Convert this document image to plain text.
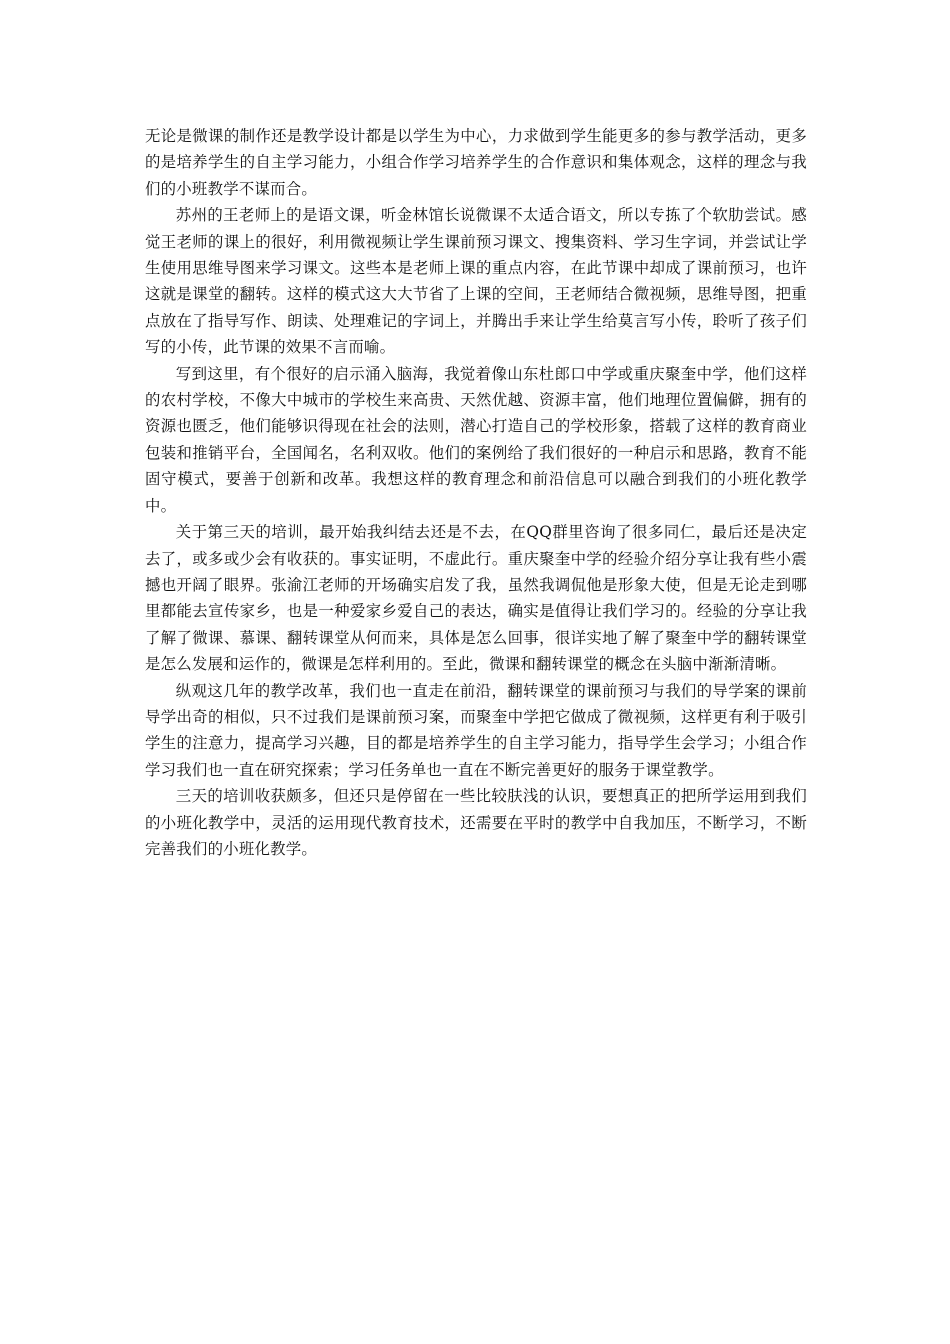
无论是微课的制作还是教学设计都是以学生为中心，力求做到学生能更多的参与教学活动，更多的是培养学生的自主学习能力，小组合作学习培养学生的合作意识和集体观念，这样的理念与我们的小班教学不谋而合。

苏州的王老师上的是语文课，听金林馆长说微课不太适合语文，所以专拣了个软肋尝试。感觉王老师的课上的很好，利用微视频让学生课前预习课文、搜集资料、学习生字词，并尝试让学生使用思维导图来学习课文。这些本是老师上课的重点内容，在此节课中却成了课前预习，也许这就是课堂的翻转。这样的模式这大大节省了上课的空间，王老师结合微视频，思维导图，把重点放在了指导写作、朗读、处理难记的字词上，并腾出手来让学生给莫言写小传，聆听了孩子们写的小传，此节课的效果不言而喻。

写到这里，有个很好的启示涌入脑海，我觉着像山东杜郎口中学或重庆聚奎中学，他们这样的农村学校，不像大中城市的学校生来高贵、天然优越、资源丰富，他们地理位置偏僻，拥有的资源也匮乏，他们能够识得现在社会的法则，潜心打造自己的学校形象，搭载了这样的教育商业包装和推销平台，全国闻名，名利双收。他们的案例给了我们很好的一种启示和思路，教育不能固守模式，要善于创新和改革。我想这样的教育理念和前沿信息可以融合到我们的小班化教学中。

关于第三天的培训，最开始我纠结去还是不去，在QQ群里咨询了很多同仁，最后还是决定去了，或多或少会有收获的。事实证明，不虚此行。重庆聚奎中学的经验介绍分享让我有些小震撼也开阔了眼界。张渝江老师的开场确实启发了我，虽然我调侃他是形象大使，但是无论走到哪里都能去宣传家乡，也是一种爱家乡爱自己的表达，确实是值得让我们学习的。经验的分享让我了解了微课、慕课、翻转课堂从何而来，具体是怎么回事，很详实地了解了聚奎中学的翻转课堂是怎么发展和运作的，微课是怎样利用的。至此，微课和翻转课堂的概念在头脑中渐渐清晰。

纵观这几年的教学改革，我们也一直走在前沿，翻转课堂的课前预习与我们的导学案的课前导学出奇的相似，只不过我们是课前预习案，而聚奎中学把它做成了微视频，这样更有利于吸引学生的注意力，提高学习兴趣，目的都是培养学生的自主学习能力，指导学生会学习；小组合作学习我们也一直在研究探索；学习任务单也一直在不断完善更好的服务于课堂教学。

三天的培训收获颇多，但还只是停留在一些比较肤浅的认识，要想真正的把所学运用到我们的小班化教学中，灵活的运用现代教育技术，还需要在平时的教学中自我加压，不断学习，不断完善我们的小班化教学。
